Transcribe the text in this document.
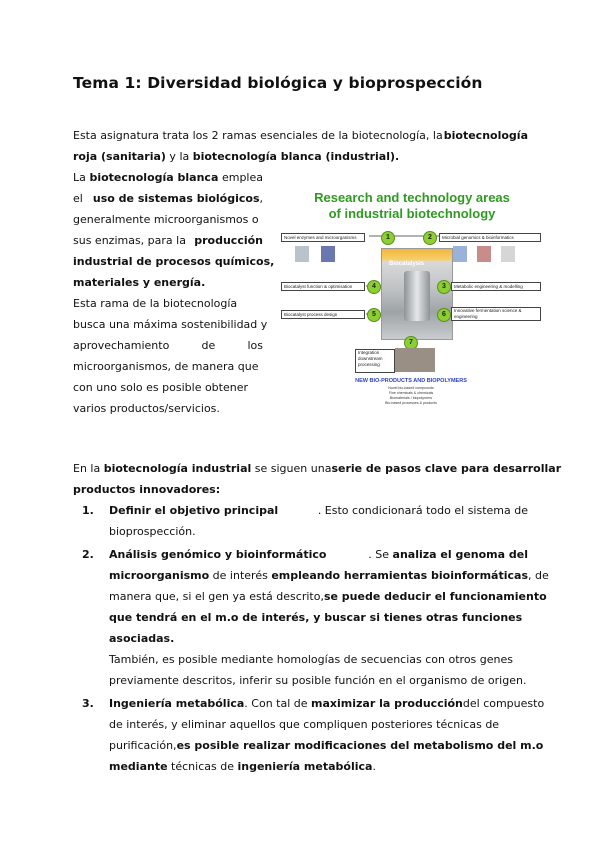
Tema 1: Diversidad biológica y bioprospección
Esta asignatura trata los 2 ramas esenciales de la biotecnología, la biotecnología
roja (sanitaria) y la biotecnología blanca (industrial).
La biotecnología blanca emplea
el uso de sistemas biológicos,
generalmente microorganismos o
sus enzimas, para la producción
industrial de procesos químicos,
materiales y energía.
Esta rama de la biotecnología
busca una máxima sostenibilidad y
aprovechamiento	de	los
microorganismos, de manera que
con uno solo es posible obtener
varios productos/servicios.
Research and technology areas
of industrial biotechnology
Biocatalysis
Novel enzymes and microorganisms	1	2	Microbial genomics & bioinformatics
Biocatalyst function & optimisation	4	3	Metabolic engineering & modelling
Biocatalyst process design	5	6
Innovative fermentation science & engineering
7
Integration downstream processing
NEW BIO-PRODUCTS AND BIOPOLYMERS
Novel bio-based compounds
Fine chemicals & chemicals
Biomaterials / biopolymers
Bio-based processes & products
En la biotecnología industrial se siguen una serie de pasos clave para desarrollar
productos innovadores:
1. Definir el objetivo principal	. Esto condicionará todo el sistema de
bioprospección.
2. Análisis genómico y bioinformático	. Se analiza el genoma del
microorganismo de interés empleando herramientas bioinformáticas , de
manera que, si el gen ya está descrito, se puede deducir el funcionamiento
que tendrá en el m.o de interés, y buscar si tienes otras funciones
asociadas.
También, es posible mediante homologías de secuencias con otros genes
previamente descritos, inferir su posible función en el organismo de origen.
3. Ingeniería metabólica. Con tal de maximizar la producción del compuesto
de interés, y eliminar aquellos que compliquen posteriores técnicas de
purificación, es posible realizar modificaciones del metabolismo del m.o
mediante técnicas de ingeniería metabólica.
